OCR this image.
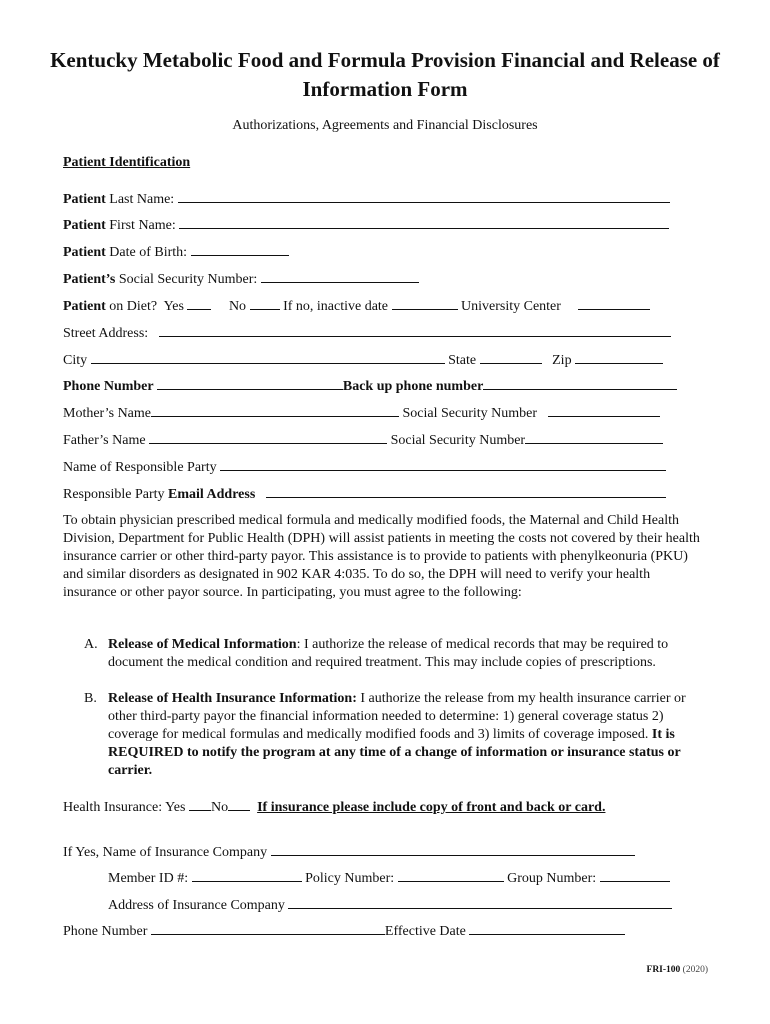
Kentucky Metabolic Food and Formula Provision Financial and Release of Information Form
Authorizations, Agreements and Financial Disclosures
Patient Identification
Patient Last Name:
Patient First Name:
Patient Date of Birth:
Patient’s Social Security Number:
Patient on Diet?  Yes	No	If no, inactive date	University Center
Street Address:
City	State	Zip
Phone Number	Back up phone number
Mother’s Name	Social Security Number
Father’s Name	Social Security Number
Name of Responsible Party
Responsible Party Email Address
To obtain physician prescribed medical formula and medically modified foods, the Maternal and Child Health Division, Department for Public Health (DPH) will assist patients in meeting the costs not covered by their health insurance carrier or other third-party payor. This assistance is to provide to patients with phenylkeonuria (PKU) and similar disorders as designated in 902 KAR 4:035. To do so, the DPH will need to verify your health insurance or other payor source. In participating, you must agree to the following:
A. Release of Medical Information: I authorize the release of medical records that may be required to document the medical condition and required treatment. This may include copies of prescriptions.
B. Release of Health Insurance Information: I authorize the release from my health insurance carrier or other third-party payor the financial information needed to determine: 1) general coverage status 2) coverage for medical formulas and medically modified foods and 3) limits of coverage imposed. It is REQUIRED to notify the program at any time of a change of information or insurance status or carrier.
Health Insurance: Yes No If insurance please include copy of front and back or card.
If Yes, Name of Insurance Company
Member ID #:	Policy Number:	Group Number:
Address of Insurance Company
Phone Number	Effective Date
FRI-100 (2020)
